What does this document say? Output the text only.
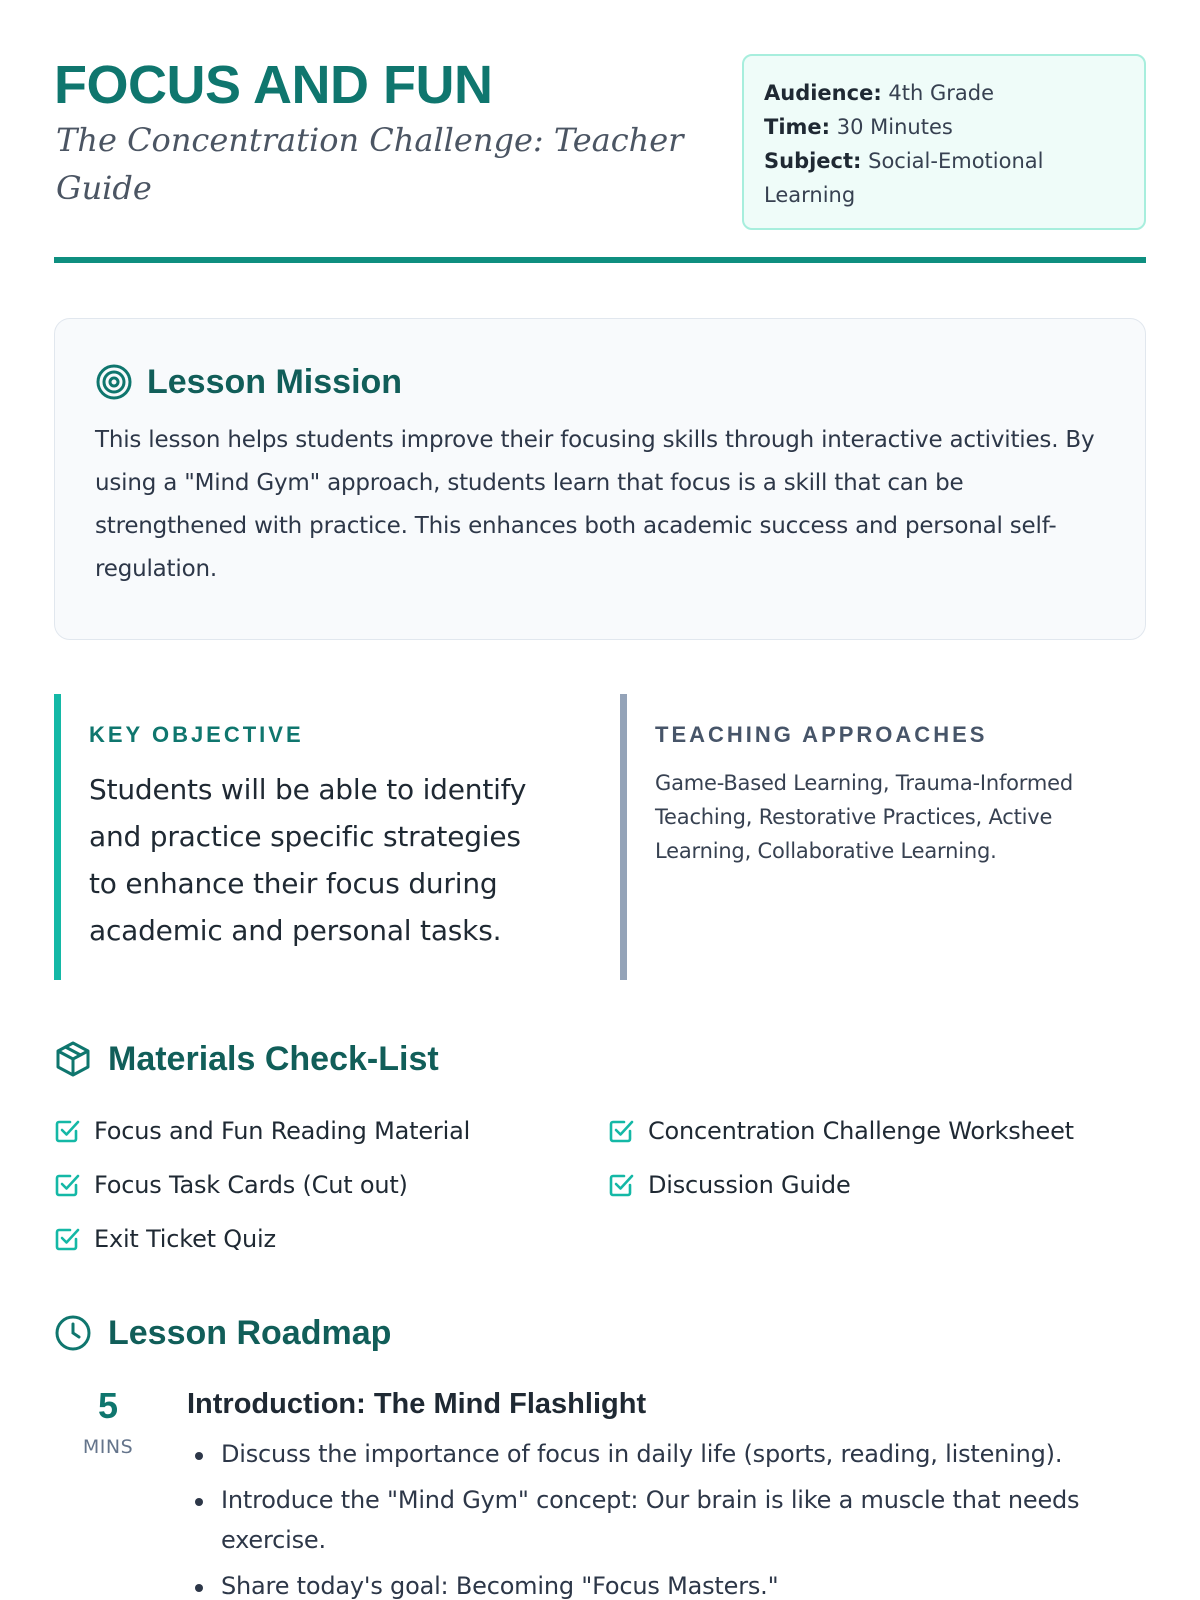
FOCUS AND FUN
The Concentration Challenge: Teacher Guide
Audience: 4th Grade
Time: 30 Minutes
Subject: Social-Emotional Learning
Lesson Mission
This lesson helps students improve their focusing skills through interactive activities. By using a "Mind Gym" approach, students learn that focus is a skill that can be strengthened with practice. This enhances both academic success and personal self-regulation.
KEY OBJECTIVE
Students will be able to identify and practice specific strategies to enhance their focus during academic and personal tasks.
TEACHING APPROACHES
Game-Based Learning, Trauma-Informed Teaching, Restorative Practices, Active Learning, Collaborative Learning.
Materials Check-List
Focus and Fun Reading Material	Concentration Challenge Worksheet
Focus Task Cards (Cut out)	Discussion Guide
Exit Ticket Quiz
Lesson Roadmap
5
MINS
Introduction: The Mind Flashlight
Discuss the importance of focus in daily life (sports, reading, listening).
Introduce the "Mind Gym" concept: Our brain is like a muscle that needs exercise.
Share today's goal: Becoming "Focus Masters."
